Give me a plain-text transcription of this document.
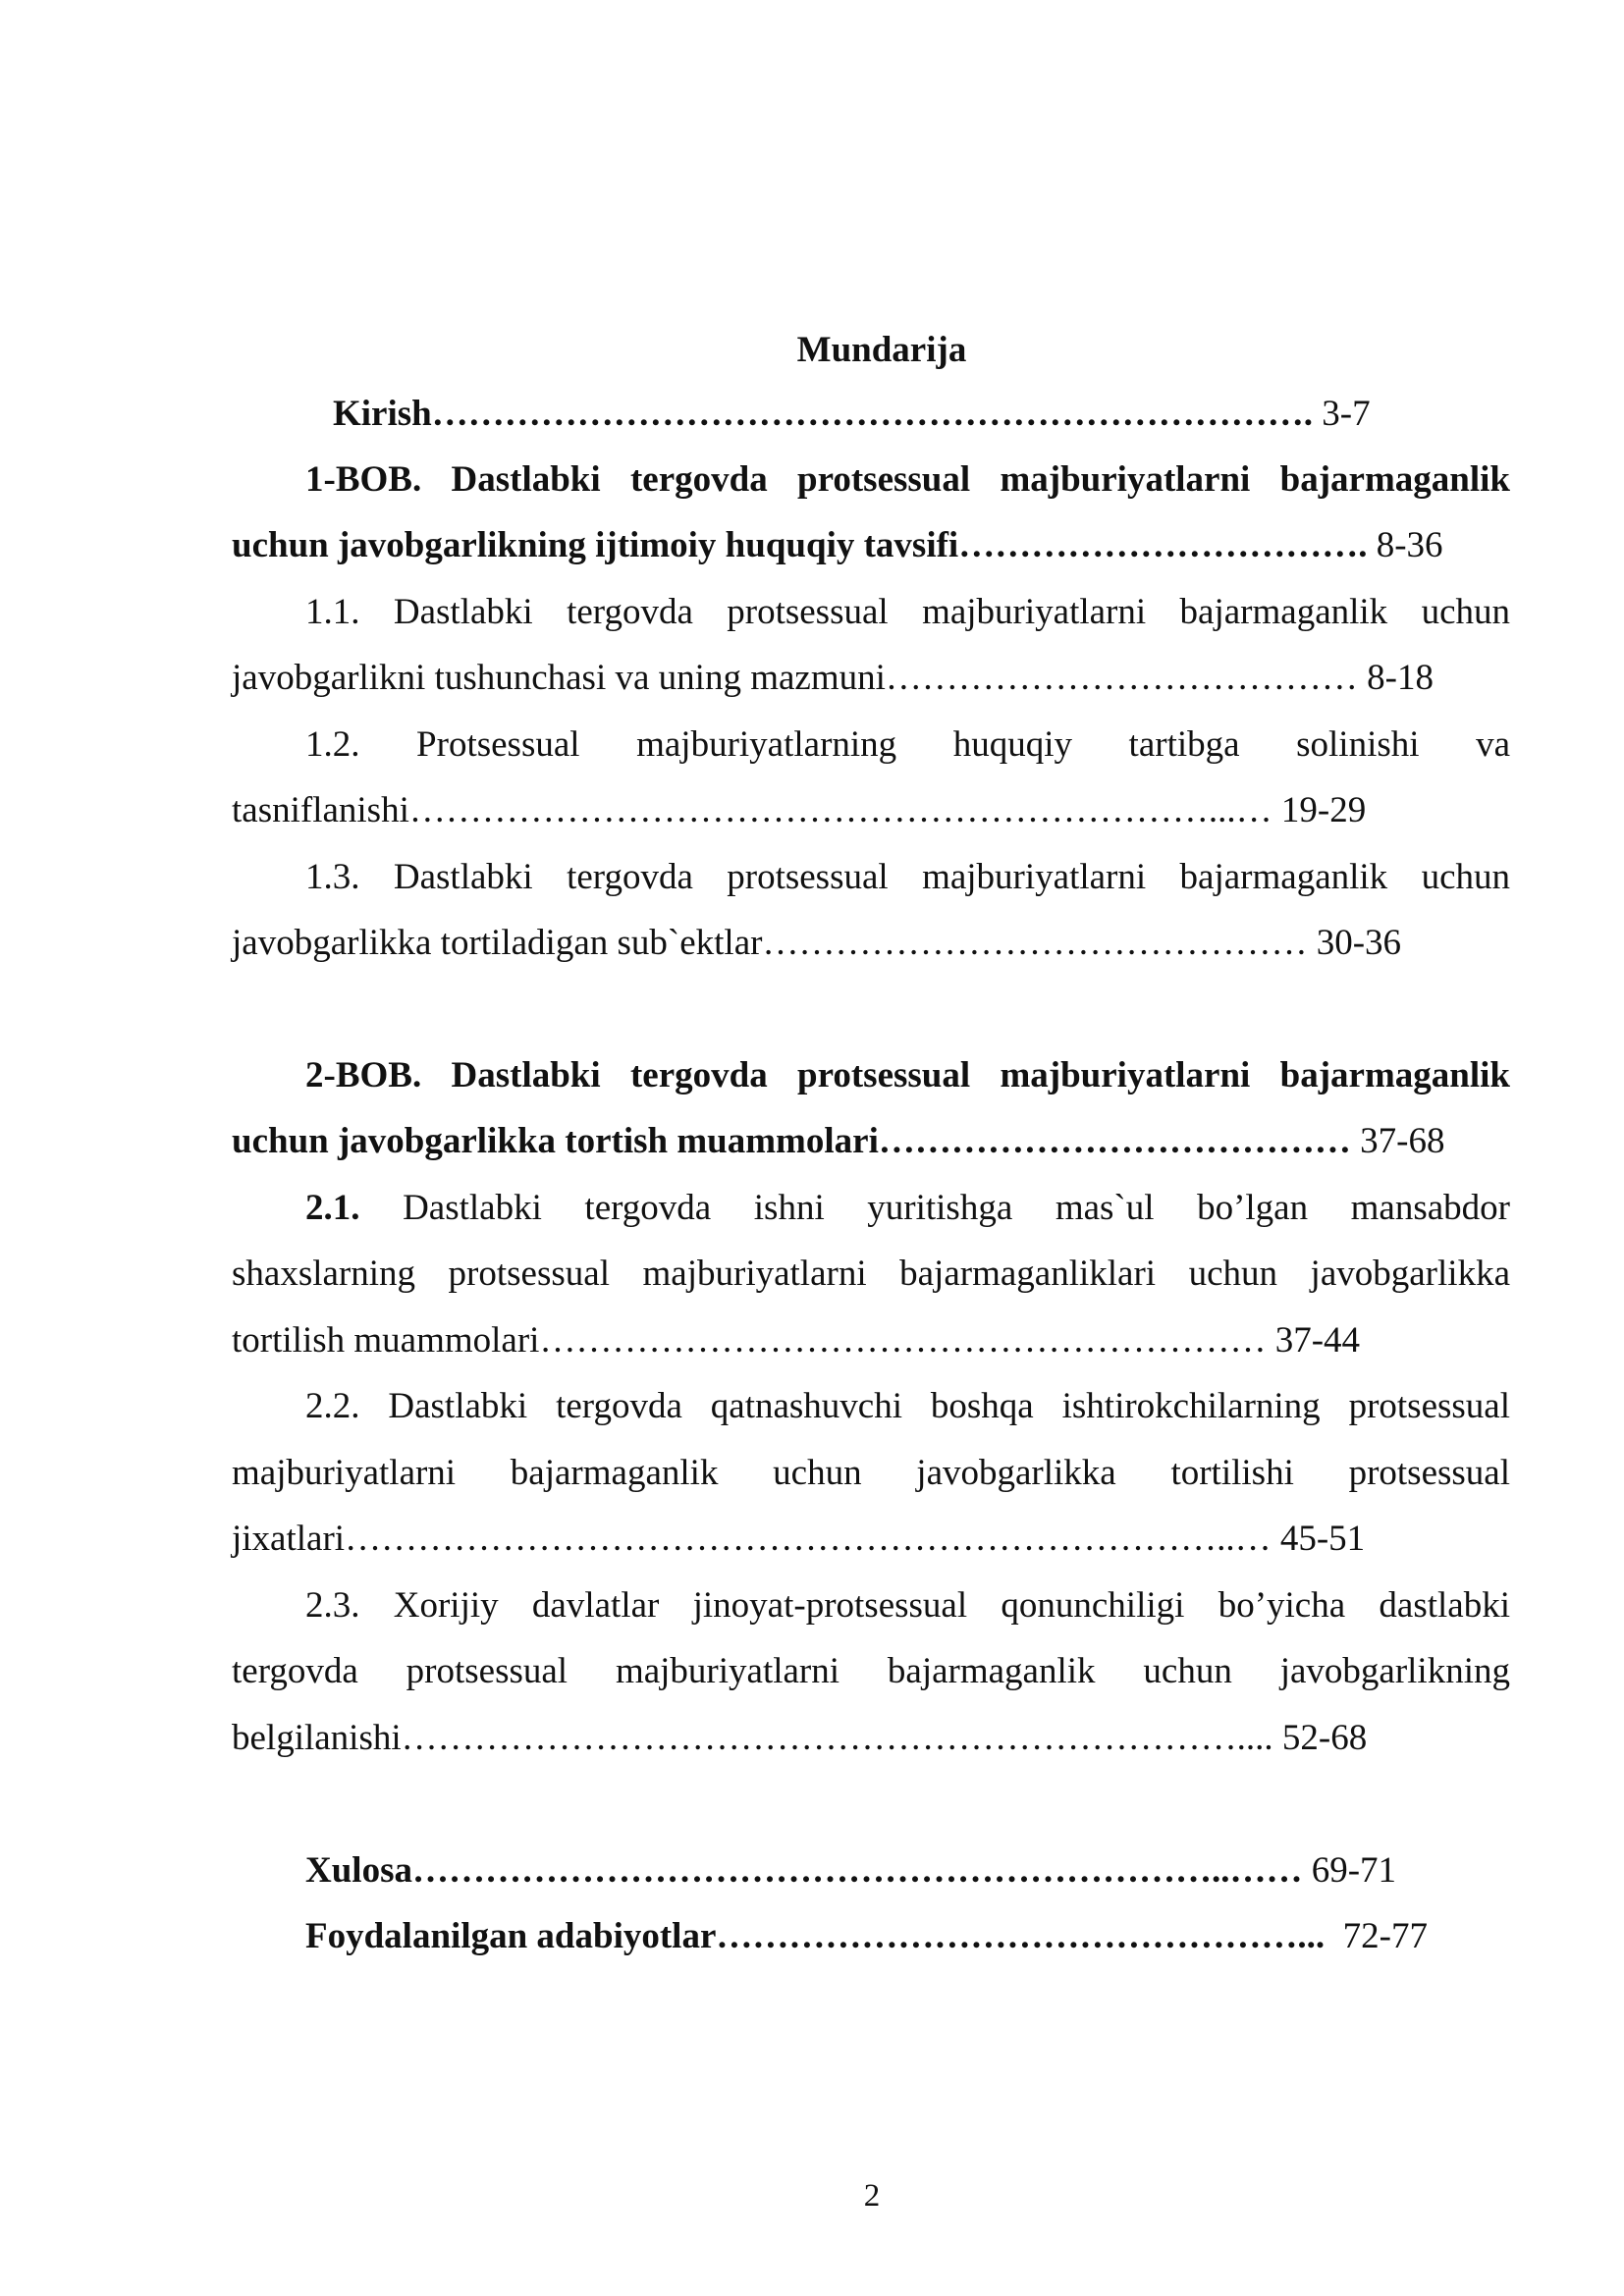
Mundarija
Kirish………………………………………………………………. 3-7
1-BOB. Dastlabki tergovda protsessual majburiyatlarni bajarmaganlik
uchun javobgarlikning ijtimoiy huquqiy tavsifi……………………………. 8-36
1.1. Dastlabki tergovda protsessual majburiyatlarni bajarmaganlik uchun
javobgarlikni tushunchasi va uning mazmuni………………………………… 8-18
1.2. Protsessual majburiyatlarning huquqiy tartibga solinishi va
tasniflanishi…………………………………………………………...… 19-29
1.3. Dastlabki tergovda protsessual majburiyatlarni bajarmaganlik uchun
javobgarlikka tortiladigan sub`ektlar……………………………………… 30-36
2-BOB. Dastlabki tergovda protsessual majburiyatlarni bajarmaganlik
uchun javobgarlikka tortish muammolari………………………………… 37-68
2.1. Dastlabki tergovda ishni yuritishga mas`ul bo’lgan mansabdor
shaxslarning protsessual majburiyatlarni bajarmaganliklari uchun javobgarlikka
tortilish muammolari…………………………………………………… 37-44
2.2. Dastlabki tergovda qatnashuvchi boshqa ishtirokchilarning protsessual
majburiyatlarni bajarmaganlik uchun javobgarlikka tortilishi protsessual
jixatlari………………………………………………………………..… 45-51
2.3. Xorijiy davlatlar jinoyat-protsessual qonunchiligi bo’yicha dastlabki
tergovda protsessual majburiyatlarni bajarmaganlik uchun javobgarlikning
belgilanishi…………………………………………………………….... 52-68
Xulosa…………………………………………………………..…… 69-71
Foydalanilgan adabiyotlar…………………………………………... 72-77
2
